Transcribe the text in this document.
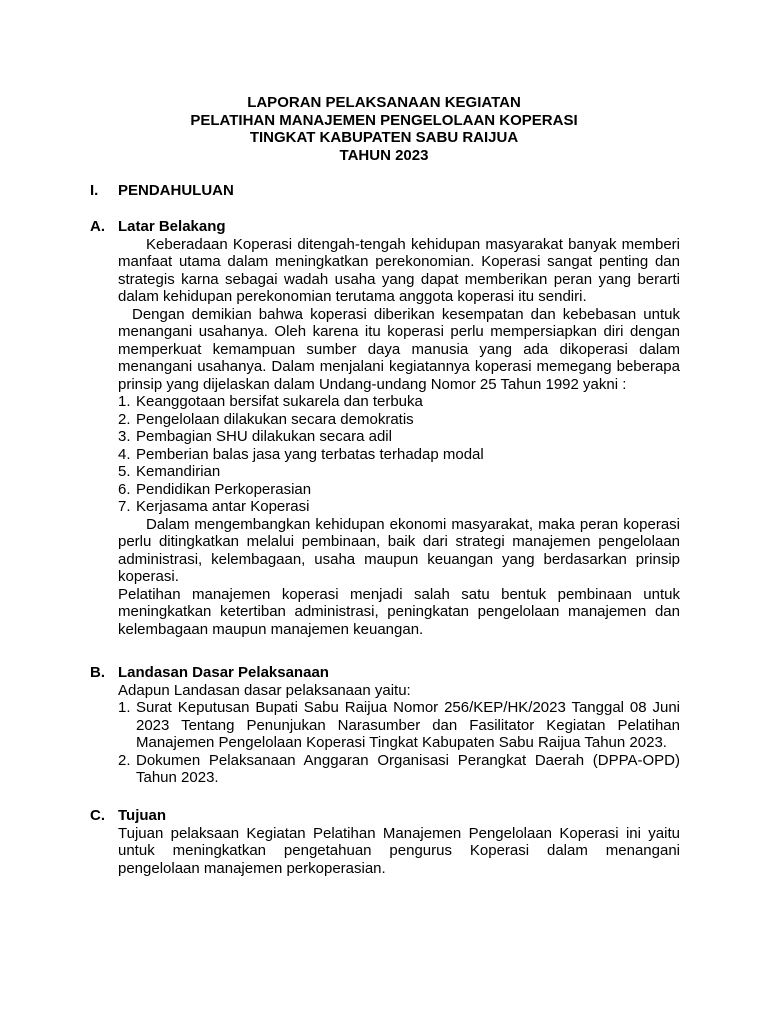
LAPORAN PELAKSANAAN KEGIATAN
PELATIHAN MANAJEMEN PENGELOLAAN KOPERASI
TINGKAT KABUPATEN SABU RAIJUA
TAHUN 2023
I.	PENDAHULUAN
A. Latar Belakang

Keberadaan Koperasi ditengah-tengah kehidupan masyarakat banyak memberi manfaat utama dalam meningkatkan perekonomian. Koperasi sangat penting dan strategis karna sebagai wadah usaha yang dapat memberikan peran yang berarti dalam kehidupan perekonomian terutama anggota koperasi itu sendiri.

Dengan demikian bahwa koperasi diberikan kesempatan dan kebebasan untuk menangani usahanya. Oleh karena itu koperasi perlu mempersiapkan diri dengan memperkuat kemampuan sumber daya manusia yang ada dikoperasi dalam menangani usahanya. Dalam menjalani kegiatannya koperasi memegang beberapa prinsip yang dijelaskan dalam Undang-undang Nomor 25 Tahun 1992 yakni :

1. Keanggotaan bersifat sukarela dan terbuka
2. Pengelolaan dilakukan secara demokratis
3. Pembagian SHU dilakukan secara adil
4. Pemberian balas jasa yang terbatas terhadap modal
5. Kemandirian
6. Pendidikan Perkoperasian
7. Kerjasama antar Koperasi

Dalam mengembangkan kehidupan ekonomi masyarakat, maka peran koperasi perlu ditingkatkan melalui pembinaan, baik dari strategi manajemen pengelolaan administrasi, kelembagaan, usaha maupun keuangan yang berdasarkan prinsip koperasi.

Pelatihan manajemen koperasi menjadi salah satu bentuk pembinaan untuk meningkatkan ketertiban administrasi, peningkatan pengelolaan manajemen dan kelembagaan maupun manajemen keuangan.

B. Landasan Dasar Pelaksanaan

Adapun Landasan dasar pelaksanaan yaitu:

1. Surat Keputusan Bupati Sabu Raijua Nomor 256/KEP/HK/2023 Tanggal 08 Juni 2023 Tentang Penunjukan Narasumber dan Fasilitator Kegiatan Pelatihan Manajemen Pengelolaan Koperasi Tingkat Kabupaten Sabu Raijua Tahun 2023.
2. Dokumen Pelaksanaan Anggaran Organisasi Perangkat Daerah (DPPA-OPD) Tahun 2023.
C. Tujuan

Tujuan pelaksaan Kegiatan Pelatihan Manajemen Pengelolaan Koperasi ini yaitu untuk meningkatkan pengetahuan pengurus Koperasi dalam menangani pengelolaan manajemen perkoperasian.
